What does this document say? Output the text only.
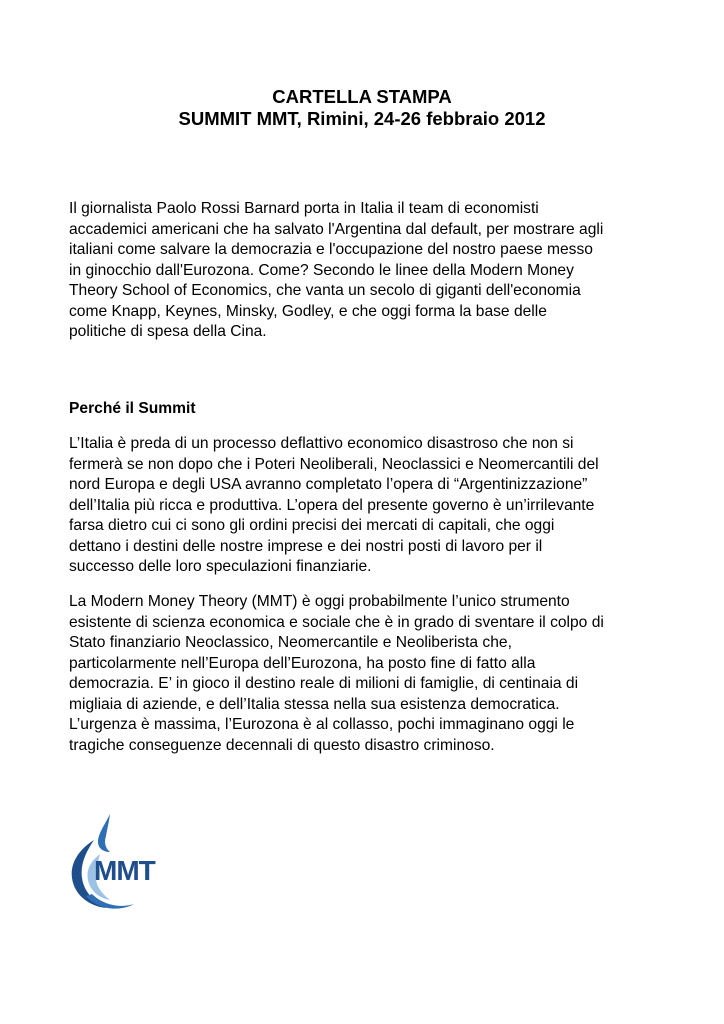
CARTELLA STAMPA
SUMMIT MMT, Rimini, 24-26 febbraio 2012

Il giornalista Paolo Rossi Barnard porta in Italia il team di economisti
accademici americani che ha salvato l'Argentina dal default, per mostrare agli
italiani come salvare la democrazia e l'occupazione del nostro paese messo
in ginocchio dall'Eurozona. Come? Secondo le linee della Modern Money
Theory School of Economics, che vanta un secolo di giganti dell'economia
come Knapp, Keynes, Minsky, Godley, e che oggi forma la base delle
politiche di spesa della Cina.

Perché il Summit

L’Italia è preda di un processo deflattivo economico disastroso che non si
fermerà se non dopo che i Poteri Neoliberali, Neoclassici e Neomercantili del
nord Europa e degli USA avranno completato l’opera di “Argentinizzazione”
dell’Italia più ricca e produttiva. L’opera del presente governo è un’irrilevante
farsa dietro cui ci sono gli ordini precisi dei mercati di capitali, che oggi
dettano i destini delle nostre imprese e dei nostri posti di lavoro per il
successo delle loro speculazioni finanziarie.

La Modern Money Theory (MMT) è oggi probabilmente l’unico strumento
esistente di scienza economica e sociale che è in grado di sventare il colpo di
Stato finanziario Neoclassico, Neomercantile e Neoliberista che,
particolarmente nell’Europa dell’Eurozona, ha posto fine di fatto alla
democrazia. E’ in gioco il destino reale di milioni di famiglie, di centinaia di
migliaia di aziende, e dell’Italia stessa nella sua esistenza democratica.
L’urgenza è massima, l’Eurozona è al collasso, pochi immaginano oggi le
tragiche conseguenze decennali di questo disastro criminoso.

MMT
